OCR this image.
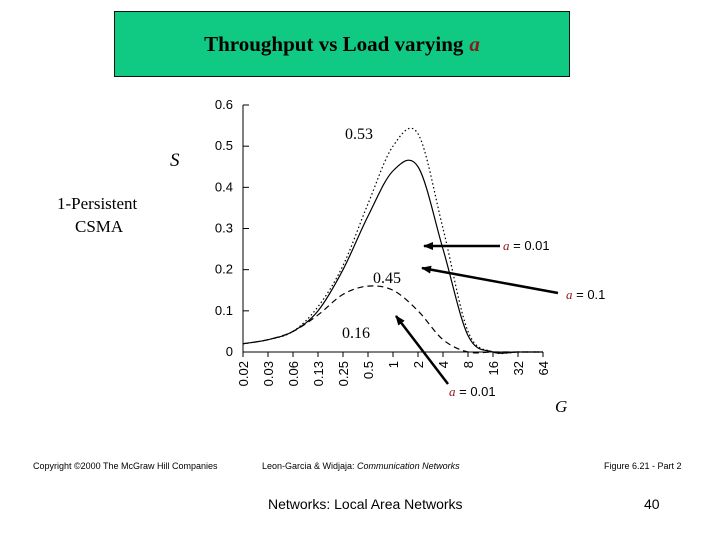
Throughput vs Load varying a
0
0.1
0.2
0.3
0.4
0.5
0.6
0.02 0.03 0.06 0.13 0.25 0.5 1 2 4 8 16 32 64
S
1-Persistent
CSMA
G
0.53
0.45
0.16
a = 0.01
a = 0.1
a = 0.01
Copyright ©2000 The McGraw Hill Companies	Leon-Garcia & Widjaja: Communication Networks	Figure 6.21 - Part 2
Networks: Local Area Networks	40
